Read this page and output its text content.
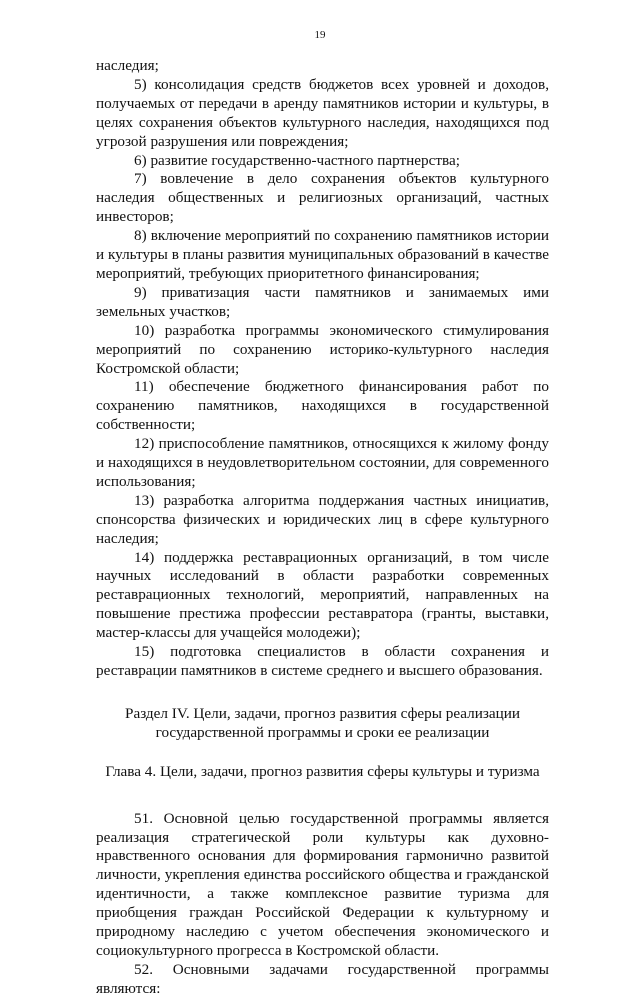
19

наследия;

5) консолидация средств бюджетов всех уровней и доходов, получаемых от передачи в аренду памятников истории и культуры, в целях сохранения объектов культурного наследия, находящихся под угрозой разрушения или повреждения;

6) развитие государственно-частного партнерства;

7) вовлечение в дело сохранения объектов культурного наследия общественных и религиозных организаций, частных инвесторов;

8) включение мероприятий по сохранению памятников истории и культуры в планы развития муниципальных образований в качестве мероприятий, требующих приоритетного финансирования;

9) приватизация части памятников и занимаемых ими земельных участков;

10) разработка программы экономического стимулирования мероприятий по сохранению историко-культурного наследия Костромской области;

11) обеспечение бюджетного финансирования работ по сохранению памятников, находящихся в государственной собственности;

12) приспособление памятников, относящихся к жилому фонду и находящихся в неудовлетворительном состоянии, для современного использования;

13) разработка алгоритма поддержания частных инициатив, спонсорства физических и юридических лиц в сфере культурного наследия;

14) поддержка реставрационных организаций, в том числе научных исследований в области разработки современных реставрационных технологий, мероприятий, направленных на повышение престижа профессии реставратора (гранты, выставки, мастер-классы для учащейся молодежи);

15) подготовка специалистов в области сохранения и реставрации памятников в системе среднего и высшего образования.

Раздел IV. Цели, задачи, прогноз развития сферы реализации

государственной программы и сроки ее реализации

Глава 4. Цели, задачи, прогноз развития сферы культуры и туризма

51. Основной целью государственной программы является реализация стратегической роли культуры как духовно-нравственного основания для формирования гармонично развитой личности, укрепления единства российского общества и гражданской идентичности, а также комплексное развитие туризма для приобщения граждан Российской Федерации к культурному и природному наследию с учетом обеспечения экономического и социокультурного прогресса в Костромской области.

52. Основными задачами государственной программы являются:
